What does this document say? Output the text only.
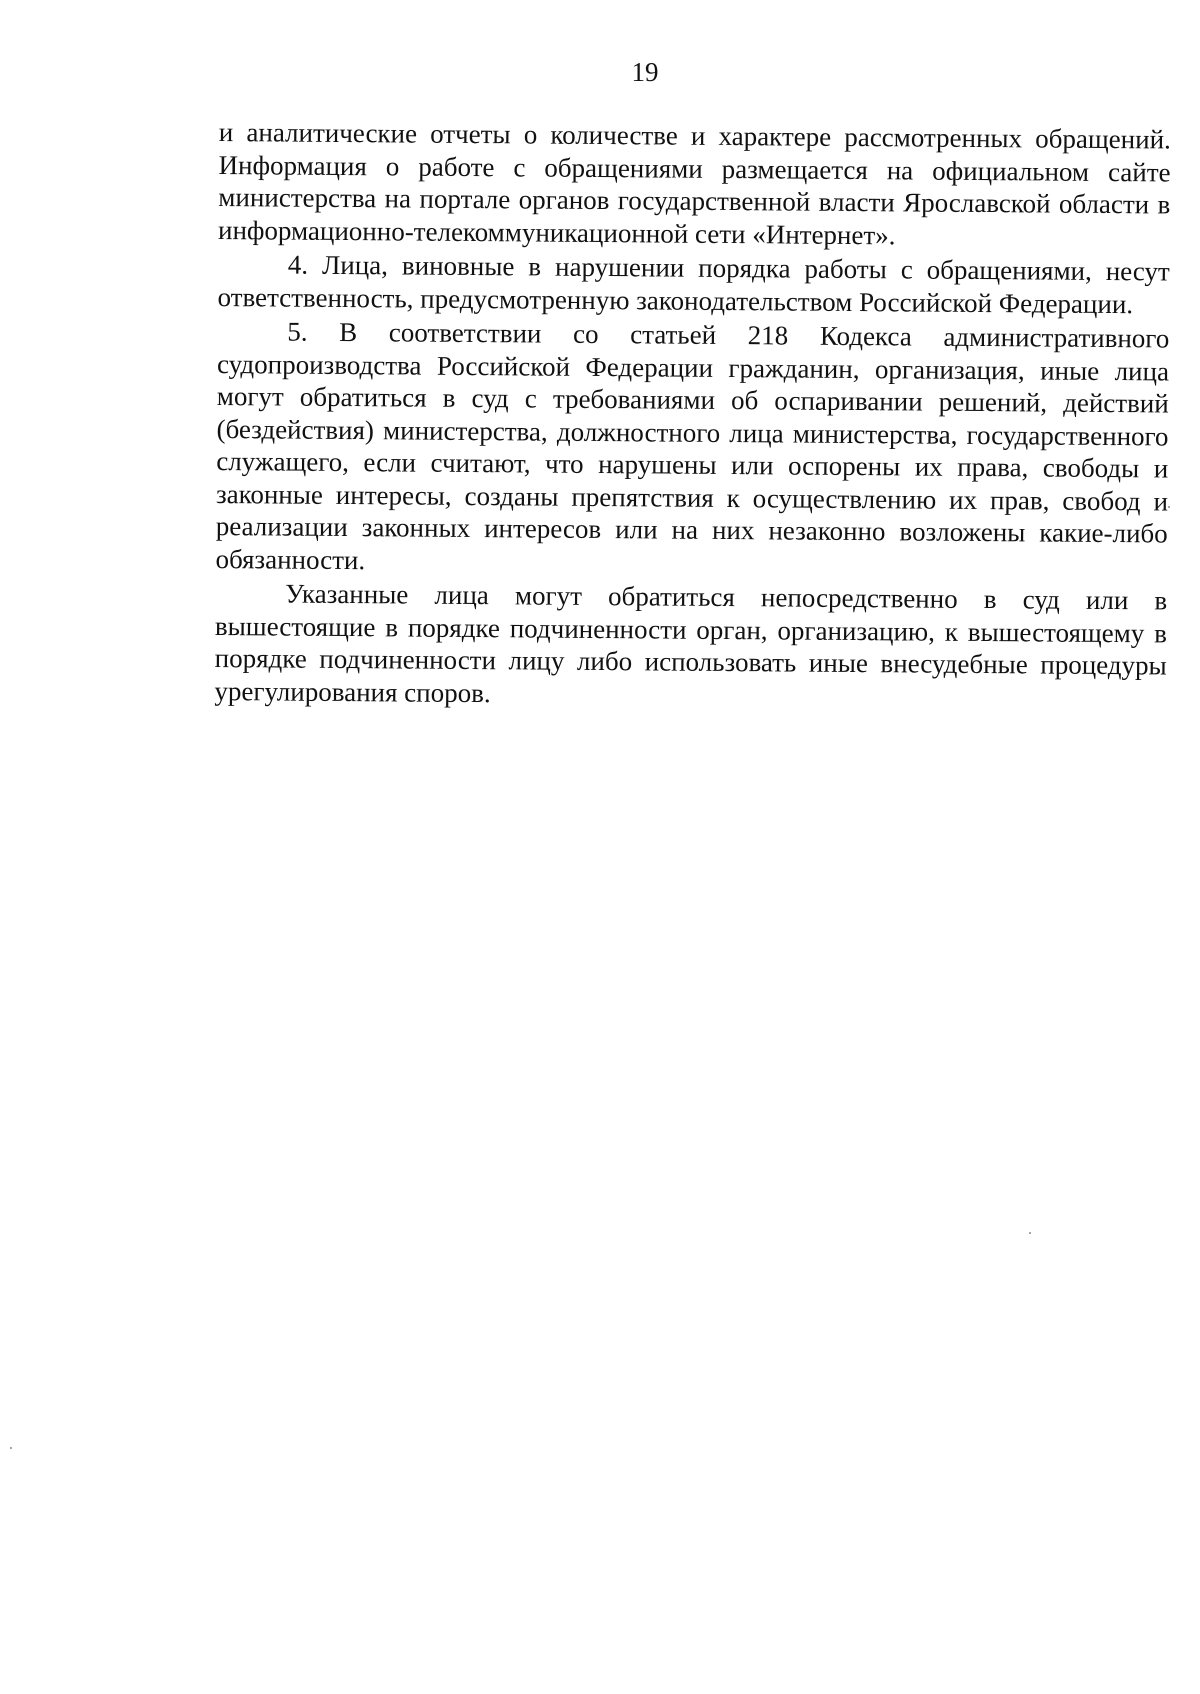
19

и аналитические отчеты о количестве и характере рассмотренных обращений. Информация о работе с обращениями размещается на официальном сайте министерства на портале органов государственной власти Ярославской области в информационно-телекоммуникационной сети «Интернет».

4. Лица, виновные в нарушении порядка работы с обращениями, несут ответственность, предусмотренную законодательством Российской Федерации.

5. В соответствии со статьей 218 Кодекса административного судопроизводства Российской Федерации гражданин, организация, иные лица могут обратиться в суд с требованиями об оспаривании решений, действий (бездействия) министерства, должностного лица министерства, государственного служащего, если считают, что нарушены или оспорены их права, свободы и законные интересы, созданы препятствия к осуществлению их прав, свобод и реализации законных интересов или на них незаконно возложены какие-либо обязанности.

Указанные лица могут обратиться непосредственно в суд или в вышестоящие в порядке подчиненности орган, организацию, к вышестоящему в порядке подчиненности лицу либо использовать иные внесудебные процедуры урегулирования споров.
